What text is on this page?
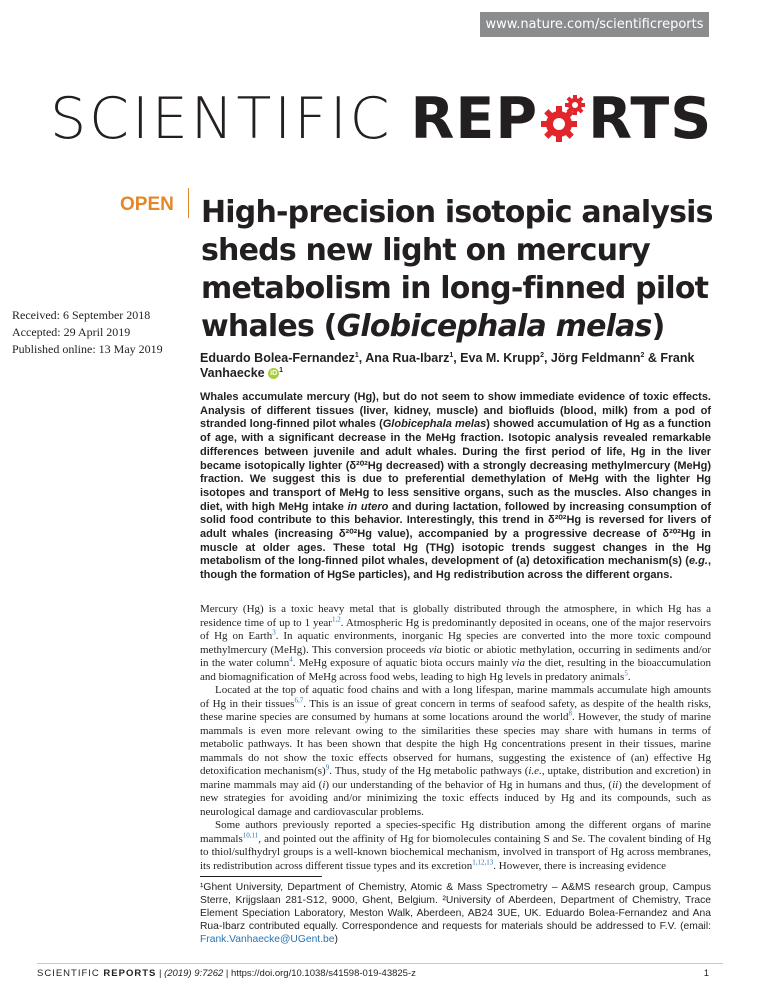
www.nature.com/scientificreports
SCIENTIFIC REP RTS
OPEN High-precision isotopic analysis sheds new light on mercury metabolism in long-finned pilot whales (Globicephala melas)
Received: 6 September 2018
Accepted: 29 April 2019
Published online: 13 May 2019
Eduardo Bolea-Fernandez$^1$, Ana Rua-Ibarz$^1$, Eva M. Krupp$^2$, Jörg Feldmann$^2$ & Frank Vanhaecke iD $^1$

Whales accumulate mercury (Hg), but do not seem to show immediate evidence of toxic effects. Analysis of different tissues (liver, kidney, muscle) and biofluids (blood, milk) from a pod of stranded long-finned pilot whales (Globicephala melas) showed accumulation of Hg as a function of age, with a significant decrease in the MeHg fraction. Isotopic analysis revealed remarkable differences between juvenile and adult whales. During the first period of life, Hg in the liver became isotopically lighter (δ²⁰²Hg decreased) with a strongly decreasing methylmercury (MeHg) fraction. We suggest this is due to preferential demethylation of MeHg with the lighter Hg isotopes and transport of MeHg to less sensitive organs, such as the muscles. Also changes in diet, with high MeHg intake in utero and during lactation, followed by increasing consumption of solid food contribute to this behavior. Interestingly, this trend in δ²⁰²Hg is reversed for livers of adult whales (increasing δ²⁰²Hg value), accompanied by a progressive decrease of δ²⁰²Hg in muscle at older ages. These total Hg (THg) isotopic trends suggest changes in the Hg metabolism of the long-finned pilot whales, development of (a) detoxification mechanism(s) (e.g., though the formation of HgSe particles), and Hg redistribution across the different organs.

Mercury (Hg) is a toxic heavy metal that is globally distributed through the atmosphere, in which Hg has a residence time of up to 1 year$^{1,2}$. Atmospheric Hg is predominantly deposited in oceans, one of the major reservoirs of Hg on Earth$^3$. In aquatic environments, inorganic Hg species are converted into the more toxic compound methylmercury (MeHg). This conversion proceeds via biotic or abiotic methylation, occurring in sediments and/or in the water column$^4$. MeHg exposure of aquatic biota occurs mainly via the diet, resulting in the bioaccumulation and biomagnification of MeHg across food webs, leading to high Hg levels in predatory animals$^5$.

Located at the top of aquatic food chains and with a long lifespan, marine mammals accumulate high amounts of Hg in their tissues$^{6,7}$. This is an issue of great concern in terms of seafood safety, as despite of the health risks, these marine species are consumed by humans at some locations around the world$^8$. However, the study of marine mammals is even more relevant owing to the similarities these species may share with humans in terms of metabolic pathways. It has been shown that despite the high Hg concentrations present in their tissues, marine mammals do not show the toxic effects observed for humans, suggesting the existence of (an) effective Hg detoxification $mechanism(s)^9$. Thus, study of the Hg metabolic pathways (i.e., uptake, distribution and excretion) in marine mammals may aid (i) our understanding of the behavior of Hg in humans and thus, (ii) the development of new strategies for avoiding and/or minimizing the toxic effects induced by Hg and its compounds, such as neurological damage and cardiovascular problems.

Some authors previously reported a species-specific Hg distribution among the different organs of marine mammals$^{10,11}$, and pointed out the affinity of Hg for biomolecules containing S and Se. The covalent binding of Hg to thiol/sulfhydryl groups is a well-known biochemical mechanism, involved in transport of Hg across membranes, its redistribution across different tissue types and its excretion$^{1,12,13}$. However, there is increasing evidence

¹Ghent University, Department of Chemistry, Atomic & Mass Spectrometry – A&MS research group, Campus Sterre, Krijgslaan 281-S12, 9000, Ghent, Belgium. ²University of Aberdeen, Department of Chemistry, Trace Element Speciation Laboratory, Meston Walk, Aberdeen, AB24 3UE, UK. Eduardo Bolea-Fernandez and Ana Rua-Ibarz contributed equally. Correspondence and requests for materials should be addressed to F.V. (email: Frank.Vanhaecke@UGent.be)

SCIENTIFIC REPORTS | (2019) 9:7262 | https://doi.org/10.1038/s41598-019-43825-z	1
